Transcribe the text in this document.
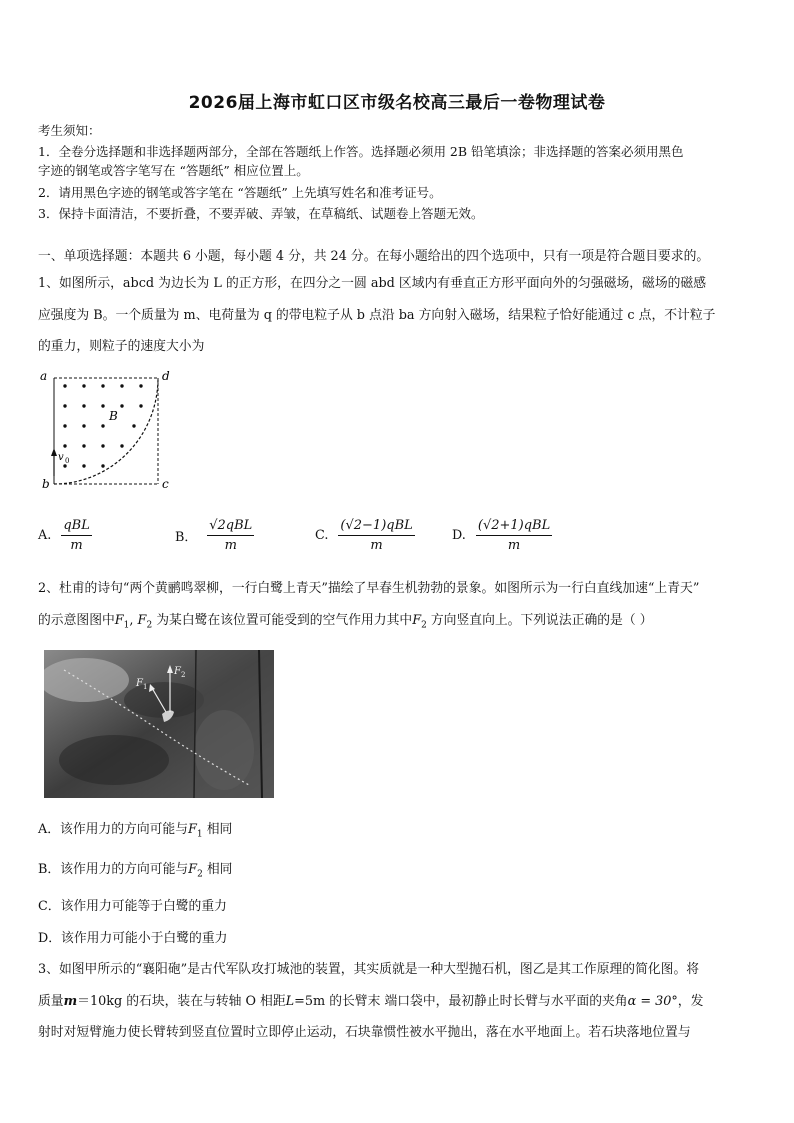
2026届上海市虹口区市级名校高三最后一卷物理试卷
考生须知：
1．全卷分选择题和非选择题两部分，全部在答题纸上作答。选择题必须用 2B 铅笔填涂；非选择题的答案必须用黑色
字迹的钢笔或答字笔写在 “答题纸” 相应位置上。
2．请用黑色字迹的钢笔或答字笔在 “答题纸” 上先填写姓名和准考证号。
3．保持卡面清洁，不要折叠，不要弄破、弄皱，在草稿纸、试题卷上答题无效。
一、单项选择题：本题共 6 小题，每小题 4 分，共 24 分。在每小题给出的四个选项中，只有一项是符合题目要求的。
1、如图所示，abcd 为边长为 L 的正方形，在四分之一圆 abd 区域内有垂直正方形平面向外的匀强磁场，磁场的磁感
应强度为 B。一个质量为 m、电荷量为 q 的带电粒子从 b 点沿 ba 方向射入磁场，结果粒子恰好能通过 c 点，不计粒子
的重力，则粒子的速度大小为
a	d
b	c
B
v 0
A. $\frac{\text{qBL}}{m}$	B． $\frac{\text{√2qBL}}{m}$	C. $\frac{\text{(√2−1)qBL}}{m}$	D. $\frac{\text{(√2+1)qBL}}{m}$
2、杜甫的诗句“两个黄鹂鸣翠柳，一行白鹭上青天”描绘了早春生机勃勃的景象。如图所示为一行白直线加速“上青天”
的示意图图中$F_1$, $F_2$ 为某白鹭在该位置可能受到的空气作用力其中$F_2$ 方向竖直向上。下列说法正确的是（ ）
F 1
F 2
A．该作用力的方向可能与$F_1$ 相同
B．该作用力的方向可能与$F_2$ 相同
C．该作用力可能等于白鹭的重力
D．该作用力可能小于白鹭的重力
3、如图甲所示的“襄阳砲”是古代军队攻打城池的装置，其实质就是一种大型抛石机，图乙是其工作原理的简化图。将
质量m＝10kg 的石块，装在与转轴 O 相距L=5m 的长臂末 端口袋中，最初静止时长臂与水平面的夹角α = 30°，发
射时对短臂施力使长臂转到竖直位置时立即停止运动，石块靠惯性被水平抛出，落在水平地面上。若石块落地位置与
